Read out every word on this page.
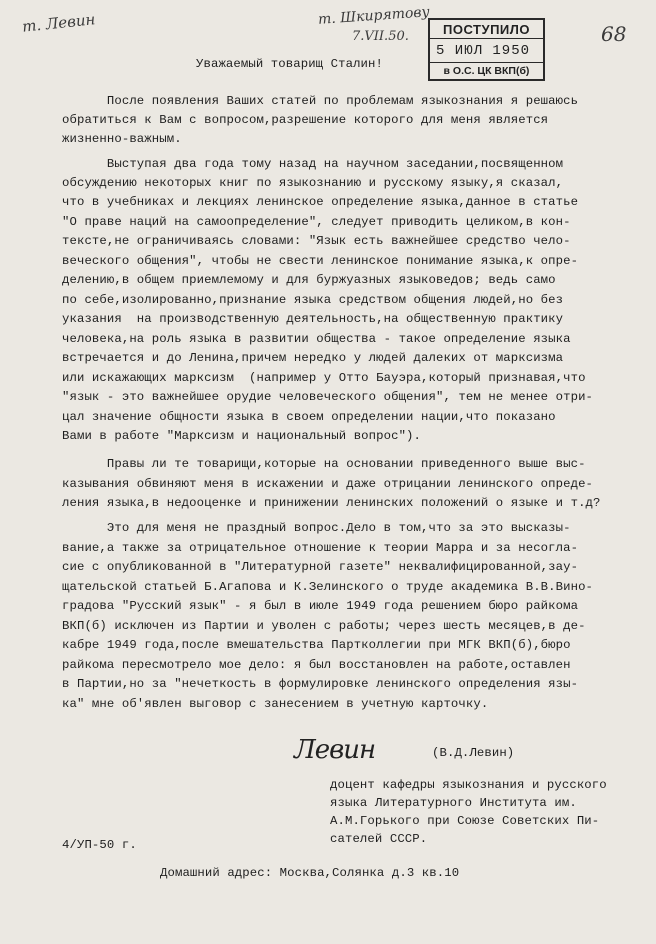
т. Левин	т. Шкирятову
7.VII.50.	68
ПОСТУПИЛО
5 ИЮЛ 1950
в О.С. ЦК ВКП(б)
Уважаемый товарищ Сталин!
После появления Ваших статей по проблемам языкознания я решаюсь
обратиться к Вам с вопросом,разрешение которого для меня является
жизненно-важным.
Выступая два года тому назад на научном заседании,посвященном
обсуждению некоторых книг по языкознанию и русскому языку,я сказал,
что в учебниках и лекциях ленинское определение языка,данное в статье
"О праве наций на самоопределение", следует приводить целиком,в кон-
тексте,не ограничиваясь словами: "Язык есть важнейшее средство чело-
веческого общения", чтобы не свести ленинское понимание языка,к опре-
делению,в общем приемлемому и для буржуазных языковедов; ведь само
по себе,изолированно,признание языка средством общения людей,но без
указания  на производственную деятельность,на общественную практику
человека,на роль языка в развитии общества - такое определение языка
встречается и до Ленина,причем нередко у людей далеких от марксизма
или искажающих марксизм  (например у Отто Бауэра,который признавая,что
"язык - это важнейшее орудие человеческого общения", тем не менее отри-
цал значение общности языка в своем определении нации,что показано
Вами в работе "Марксизм и национальный вопрос").
Правы ли те товарищи,которые на основании приведенного выше выс-
казывания обвиняют меня в искажении и даже отрицании ленинского опреде-
ления языка,в недооценке и принижении ленинских положений о языке и т.д?
Это для меня не праздный вопрос.Дело в том,что за это высказы-
вание,а также за отрицательное отношение к теории Марра и за несогла-
сие с опубликованной в "Литературной газете" неквалифицированной,зау-
щательской статьей Б.Агапова и К.Зелинского о труде академика В.В.Вино-
градова "Русский язык" - я был в июле 1949 года решением бюро райкома
ВКП(б) исключен из Партии и уволен с работы; через шесть месяцев,в де-
кабре 1949 года,после вмешательства Партколлегии при МГК ВКП(б),бюро
райкома пересмотрело мое дело: я был восстановлен на работе,оставлен
в Партии,но за "нечеткость в формулировке ленинского определения язы-
ка" мне об'явлен выговор с занесением в учетную карточку.
Левин	(В.Д.Левин)
доцент кафедры языкознания и русского
языка Литературного Института им.
А.М.Горького при Союзе Советских Пи-
сателей СССР.
4/УП-50 г.
Домашний адрес: Москва,Солянка д.3 кв.10
